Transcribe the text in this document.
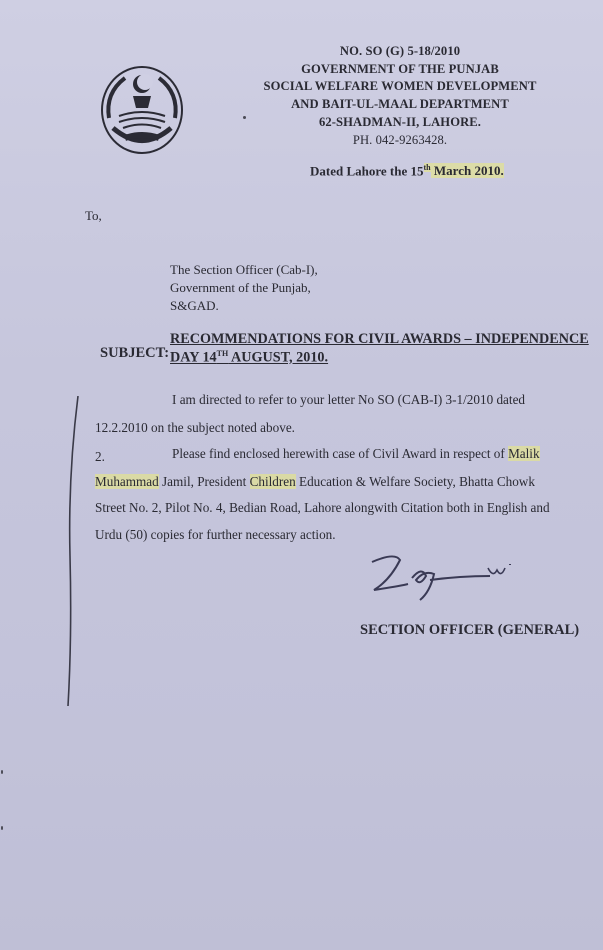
NO. SO (G) 5-18/2010
GOVERNMENT OF THE PUNJAB
SOCIAL WELFARE WOMEN DEVELOPMENT
AND BAIT-UL-MAAL DEPARTMENT
62-SHADMAN-II, LAHORE.
PH. 042-9263428.
Dated Lahore the 15th March 2010.
To,
The Section Officer (Cab-I),
Government of the Punjab,
S&GAD.
SUBJECT:
RECOMMENDATIONS FOR CIVIL AWARDS – INDEPENDENCE
DAY 14TH AUGUST, 2010.
I am directed to refer to your letter No SO (CAB-I) 3-1/2010 dated
12.2.2010 on the subject noted above.
2.	Please find enclosed herewith case of Civil Award in respect of Malik
Muhammad Jamil, President Children Education & Welfare Society, Bhatta Chowk
Street No. 2, Pilot No. 4, Bedian Road, Lahore alongwith Citation both in English and
Urdu (50) copies for further necessary action.
SECTION OFFICER (GENERAL)
